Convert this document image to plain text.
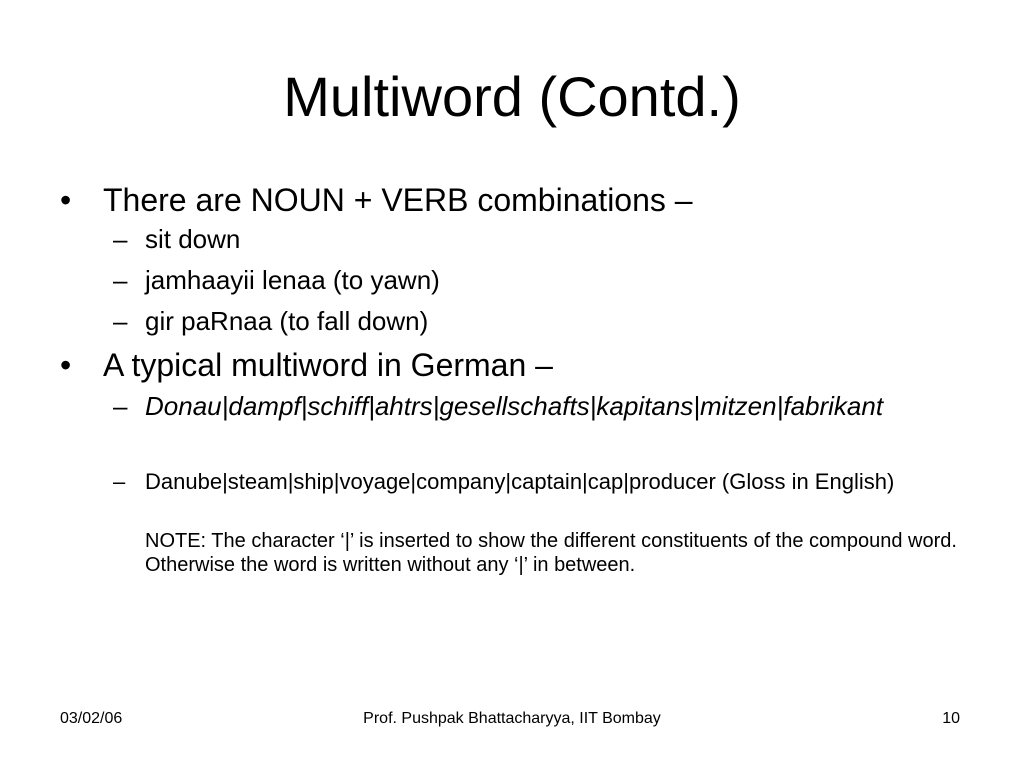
Multiword (Contd.)
• There are NOUN + VERB combinations –
– sit down
– jamhaayii lenaa (to yawn)
– gir paRnaa (to fall down)
• A typical multiword in German –
– Donau|dampf|schiff|ahtrs|gesellschafts|kapitans|mitzen|fabrikant
– Danube|steam|ship|voyage|company|captain|cap|producer (Gloss in English)
NOTE: The character ‘|’ is inserted to show the different constituents of the compound word. Otherwise the word is written without any ‘|’ in between.
03/02/06	Prof. Pushpak Bhattacharyya, IIT Bombay	10
